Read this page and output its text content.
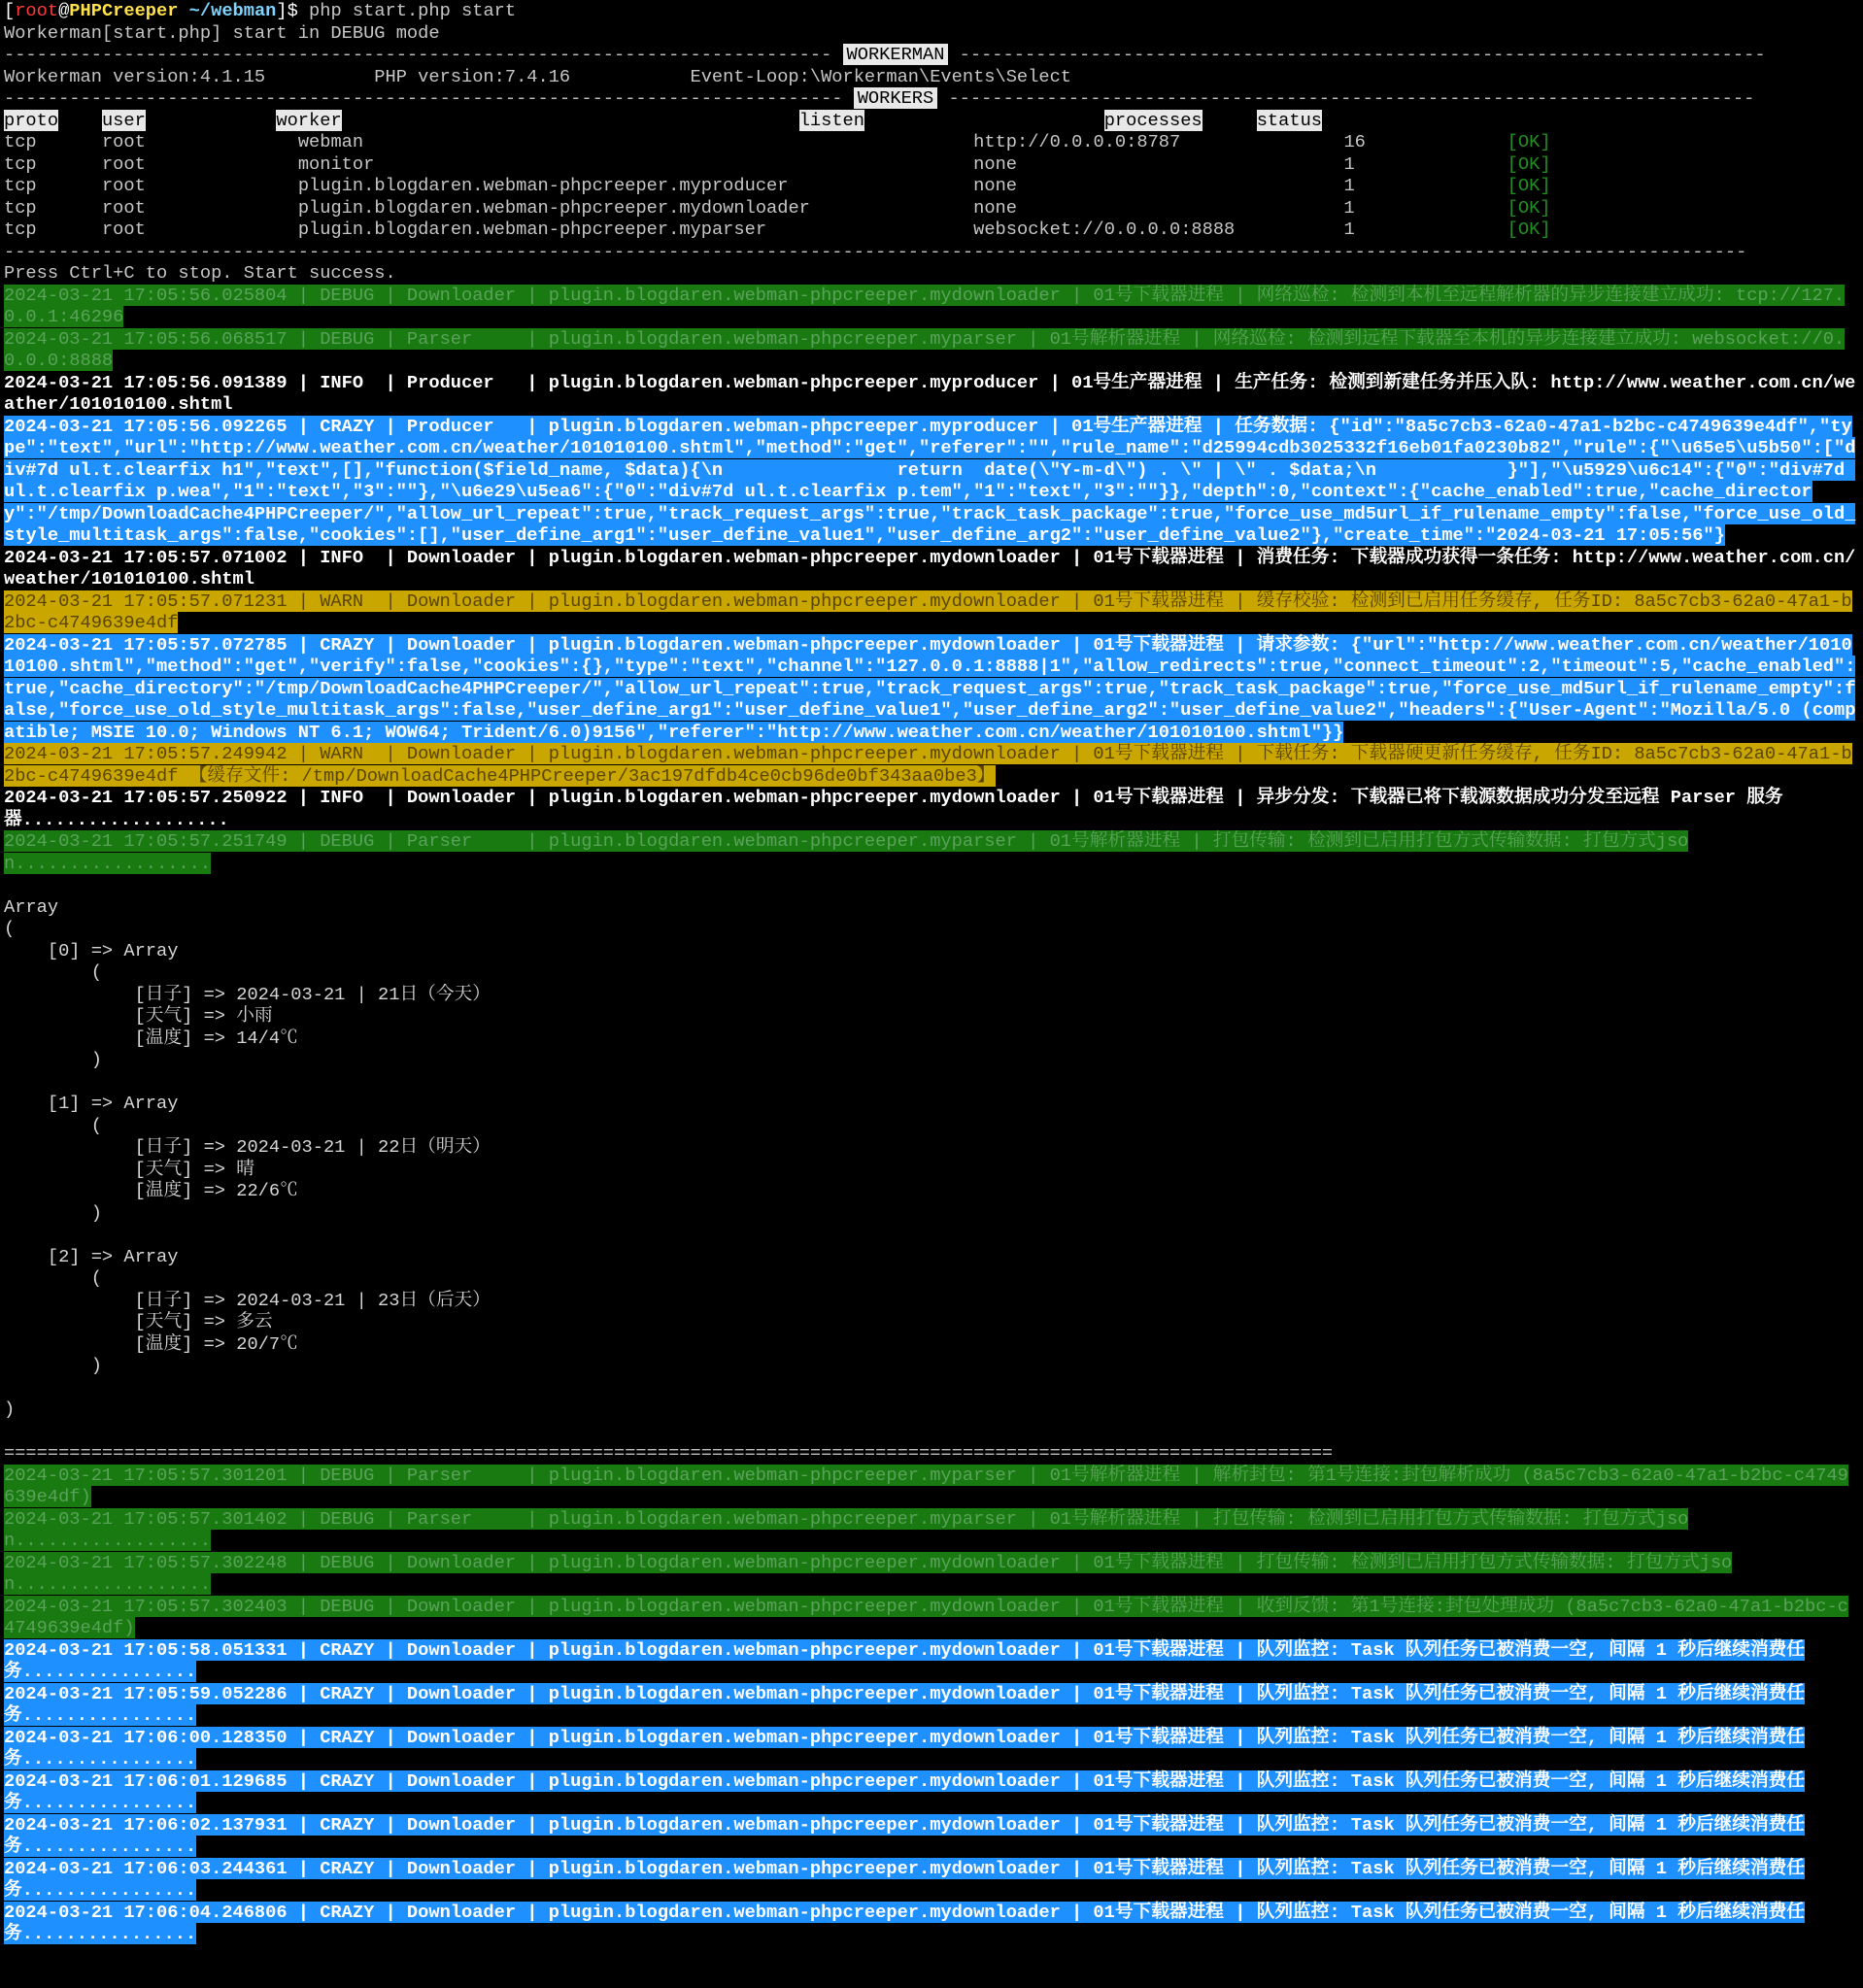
[root@PHPCreeper ~/webman]$ php start.php start
Workerman[start.php] start in DEBUG mode
---------------------------------------------------------------------------- WORKERMAN --------------------------------------------------------------------------
Workerman version:4.1.15          PHP version:7.4.16           Event-Loop:\Workerman\Events\Select
----------------------------------------------------------------------------- WORKERS --------------------------------------------------------------------------
proto user	worker	listen	processes	status
tcp	root	webman	http://0.0.0.0:8787	16	[OK]
tcp	root	monitor	none	1	[OK]
tcp	root	plugin.blogdaren.webman-phpcreeper.myproducer	none	1	[OK]
tcp	root	plugin.blogdaren.webman-phpcreeper.mydownloader	none	1	[OK]
tcp	root	plugin.blogdaren.webman-phpcreeper.myparser	websocket://0.0.0.0:8888	1	[OK]
----------------------------------------------------------------------------------------------------------------------------------------------------------------
Press Ctrl+C to stop. Start success.
2024-03-21 17:05:56.025804 | DEBUG | Downloader | plugin.blogdaren.webman-phpcreeper.mydownloader | 01号下载器进程 | 网络巡检: 检测到本机至远程解析器的异步连接建立成功: tcp://127.0.0.1:46296
2024-03-21 17:05:56.068517 | DEBUG | Parser     | plugin.blogdaren.webman-phpcreeper.myparser | 01号解析器进程 | 网络巡检: 检测到远程下载器至本机的异步连接建立成功: websocket://0.0.0.0:8888
2024-03-21 17:05:56.091389 | INFO  | Producer   | plugin.blogdaren.webman-phpcreeper.myproducer | 01号生产器进程 | 生产任务: 检测到新建任务并压入队: http://www.weather.com.cn/weather/101010100.shtml
2024-03-21 17:05:56.092265 | CRAZY | Producer   | plugin.blogdaren.webman-phpcreeper.myproducer | 01号生产器进程 | 任务数据: {"id":"8a5c7cb3-62a0-47a1-b2bc-c4749639e4df","type":"text","url":"http://www.weather.com.cn/weather/101010100.shtml","method":"get","referer":"","rule_name":"d25994cdb3025332f16eb01fa0230b82","rule":{"\u65e5\u5b50":["div#7d ul.t.clearfix h1","text",[],"function($field_name, $data){\n                return  date(\"Y-m-d\") . \" | \" . $data;\n            }"],"\u5929\u6c14":{"0":"div#7d ul.t.clearfix p.wea","1":"text","3":""},"\u6e29\u5ea6":{"0":"div#7d ul.t.clearfix p.tem","1":"text","3":""}},"depth":0,"context":{"cache_enabled":true,"cache_directory":"/tmp/DownloadCache4PHPCreeper/","allow_url_repeat":true,"track_request_args":true,"track_task_package":true,"force_use_md5url_if_rulename_empty":false,"force_use_old_style_multitask_args":false,"cookies":[],"user_define_arg1":"user_define_value1","user_define_arg2":"user_define_value2"},"create_time":"2024-03-21 17:05:56"}
2024-03-21 17:05:57.071002 | INFO  | Downloader | plugin.blogdaren.webman-phpcreeper.mydownloader | 01号下载器进程 | 消费任务: 下载器成功获得一条任务: http://www.weather.com.cn/weather/101010100.shtml
2024-03-21 17:05:57.071231 | WARN  | Downloader | plugin.blogdaren.webman-phpcreeper.mydownloader | 01号下载器进程 | 缓存校验: 检测到已启用任务缓存, 任务ID: 8a5c7cb3-62a0-47a1-b2bc-c4749639e4df
2024-03-21 17:05:57.072785 | CRAZY | Downloader | plugin.blogdaren.webman-phpcreeper.mydownloader | 01号下载器进程 | 请求参数: {"url":"http://www.weather.com.cn/weather/101010100.shtml","method":"get","verify":false,"cookies":{},"type":"text","channel":"127.0.0.1:8888|1","allow_redirects":true,"connect_timeout":2,"timeout":5,"cache_enabled":true,"cache_directory":"/tmp/DownloadCache4PHPCreeper/","allow_url_repeat":true,"track_request_args":true,"track_task_package":true,"force_use_md5url_if_rulename_empty":false,"force_use_old_style_multitask_args":false,"user_define_arg1":"user_define_value1","user_define_arg2":"user_define_value2","headers":{"User-Agent":"Mozilla/5.0 (compatible; MSIE 10.0; Windows NT 6.1; WOW64; Trident/6.0)9156","referer":"http://www.weather.com.cn/weather/101010100.shtml"}}
2024-03-21 17:05:57.249942 | WARN  | Downloader | plugin.blogdaren.webman-phpcreeper.mydownloader | 01号下载器进程 | 下载任务: 下载器硬更新任务缓存, 任务ID: 8a5c7cb3-62a0-47a1-b2bc-c4749639e4df 【缓存文件: /tmp/DownloadCache4PHPCreeper/3ac197dfdb4ce0cb96de0bf343aa0be3】
2024-03-21 17:05:57.250922 | INFO  | Downloader | plugin.blogdaren.webman-phpcreeper.mydownloader | 01号下载器进程 | 异步分发: 下载器已将下载源数据成功分发至远程 Parser 服务器...................
2024-03-21 17:05:57.251749 | DEBUG | Parser     | plugin.blogdaren.webman-phpcreeper.myparser | 01号解析器进程 | 打包传输: 检测到已启用打包方式传输数据: 打包方式json..................
Array
(
[0] => Array
(
[日子] => 2024-03-21 | 21日（今天）
[天气] => 小雨
[温度] => 14/4℃
)
[1] => Array
(
[日子] => 2024-03-21 | 22日（明天）
[天气] => 晴
[温度] => 22/6℃
)
[2] => Array
(
[日子] => 2024-03-21 | 23日（后天）
[天气] => 多云
[温度] => 20/7℃
)
)
==========================================================================================================================
2024-03-21 17:05:57.301201 | DEBUG | Parser     | plugin.blogdaren.webman-phpcreeper.myparser | 01号解析器进程 | 解析封包: 第1号连接:封包解析成功 (8a5c7cb3-62a0-47a1-b2bc-c4749639e4df)
2024-03-21 17:05:57.301402 | DEBUG | Parser     | plugin.blogdaren.webman-phpcreeper.myparser | 01号解析器进程 | 打包传输: 检测到已启用打包方式传输数据: 打包方式json..................
2024-03-21 17:05:57.302248 | DEBUG | Downloader | plugin.blogdaren.webman-phpcreeper.mydownloader | 01号下载器进程 | 打包传输: 检测到已启用打包方式传输数据: 打包方式json..................
2024-03-21 17:05:57.302403 | DEBUG | Downloader | plugin.blogdaren.webman-phpcreeper.mydownloader | 01号下载器进程 | 收到反馈: 第1号连接:封包处理成功 (8a5c7cb3-62a0-47a1-b2bc-c4749639e4df)
2024-03-21 17:05:58.051331 | CRAZY | Downloader | plugin.blogdaren.webman-phpcreeper.mydownloader | 01号下载器进程 | 队列监控: Task 队列任务已被消费一空, 间隔 1 秒后继续消费任务................
2024-03-21 17:05:59.052286 | CRAZY | Downloader | plugin.blogdaren.webman-phpcreeper.mydownloader | 01号下载器进程 | 队列监控: Task 队列任务已被消费一空, 间隔 1 秒后继续消费任务................
2024-03-21 17:06:00.128350 | CRAZY | Downloader | plugin.blogdaren.webman-phpcreeper.mydownloader | 01号下载器进程 | 队列监控: Task 队列任务已被消费一空, 间隔 1 秒后继续消费任务................
2024-03-21 17:06:01.129685 | CRAZY | Downloader | plugin.blogdaren.webman-phpcreeper.mydownloader | 01号下载器进程 | 队列监控: Task 队列任务已被消费一空, 间隔 1 秒后继续消费任务................
2024-03-21 17:06:02.137931 | CRAZY | Downloader | plugin.blogdaren.webman-phpcreeper.mydownloader | 01号下载器进程 | 队列监控: Task 队列任务已被消费一空, 间隔 1 秒后继续消费任务................
2024-03-21 17:06:03.244361 | CRAZY | Downloader | plugin.blogdaren.webman-phpcreeper.mydownloader | 01号下载器进程 | 队列监控: Task 队列任务已被消费一空, 间隔 1 秒后继续消费任务................
2024-03-21 17:06:04.246806 | CRAZY | Downloader | plugin.blogdaren.webman-phpcreeper.mydownloader | 01号下载器进程 | 队列监控: Task 队列任务已被消费一空, 间隔 1 秒后继续消费任务................
